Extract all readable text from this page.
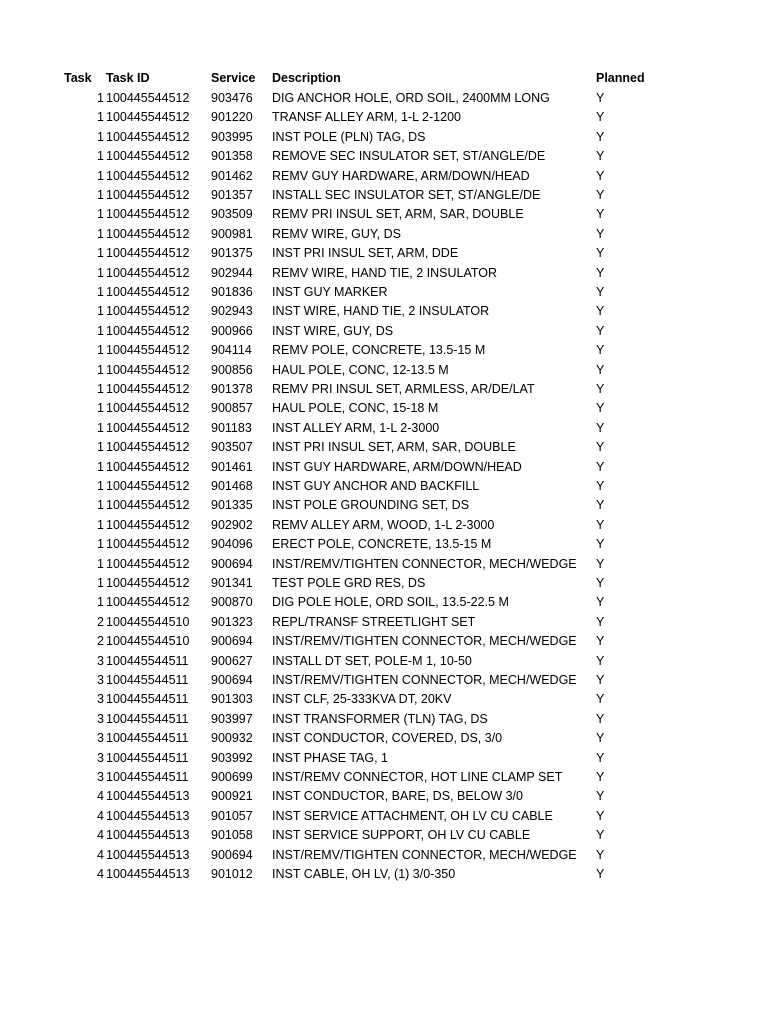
Task Task ID	Service Description	Planned
1 100445544512 903476 DIG ANCHOR HOLE, ORD SOIL, 2400MM LONG	Y
1 100445544512 901220 TRANSF ALLEY ARM, 1-L 2-1200	Y
1 100445544512 903995 INST POLE (PLN) TAG, DS	Y
1 100445544512 901358 REMOVE SEC INSULATOR SET, ST/ANGLE/DE	Y
1 100445544512 901462 REMV GUY HARDWARE, ARM/DOWN/HEAD	Y
1 100445544512 901357 INSTALL SEC INSULATOR SET, ST/ANGLE/DE	Y
1 100445544512 903509 REMV PRI INSUL SET, ARM, SAR, DOUBLE	Y
1 100445544512 900981 REMV WIRE, GUY, DS	Y
1 100445544512 901375 INST PRI INSUL SET, ARM, DDE	Y
1 100445544512 902944 REMV WIRE, HAND TIE, 2 INSULATOR	Y
1 100445544512 901836 INST GUY MARKER	Y
1 100445544512 902943 INST WIRE, HAND TIE, 2 INSULATOR	Y
1 100445544512 900966 INST WIRE, GUY, DS	Y
1 100445544512 904114 REMV POLE, CONCRETE, 13.5-15 M	Y
1 100445544512 900856 HAUL POLE, CONC, 12-13.5 M	Y
1 100445544512 901378 REMV PRI INSUL SET, ARMLESS, AR/DE/LAT	Y
1 100445544512 900857 HAUL POLE, CONC, 15-18 M	Y
1 100445544512 901183 INST ALLEY ARM, 1-L 2-3000	Y
1 100445544512 903507 INST PRI INSUL SET, ARM, SAR, DOUBLE	Y
1 100445544512 901461 INST GUY HARDWARE, ARM/DOWN/HEAD	Y
1 100445544512 901468 INST GUY ANCHOR AND BACKFILL	Y
1 100445544512 901335 INST POLE GROUNDING SET, DS	Y
1 100445544512 902902 REMV ALLEY ARM, WOOD, 1-L 2-3000	Y
1 100445544512 904096 ERECT POLE, CONCRETE, 13.5-15 M	Y
1 100445544512 900694 INST/REMV/TIGHTEN CONNECTOR, MECH/WEDGE Y
1 100445544512 901341 TEST POLE GRD RES, DS	Y
1 100445544512 900870 DIG POLE HOLE, ORD SOIL, 13.5-22.5 M	Y
2 100445544510 901323 REPL/TRANSF STREETLIGHT SET	Y
2 100445544510 900694 INST/REMV/TIGHTEN CONNECTOR, MECH/WEDGE Y
3 100445544511 900627 INSTALL DT SET, POLE-M 1, 10-50	Y
3 100445544511 900694 INST/REMV/TIGHTEN CONNECTOR, MECH/WEDGE Y
3 100445544511 901303 INST CLF, 25-333KVA DT, 20KV	Y
3 100445544511 903997 INST TRANSFORMER (TLN) TAG, DS	Y
3 100445544511 900932 INST CONDUCTOR, COVERED, DS, 3/0	Y
3 100445544511 903992 INST PHASE TAG, 1	Y
3 100445544511 900699 INST/REMV CONNECTOR, HOT LINE CLAMP SET	Y
4 100445544513 900921 INST CONDUCTOR, BARE, DS, BELOW 3/0	Y
4 100445544513 901057 INST SERVICE ATTACHMENT, OH LV CU CABLE	Y
4 100445544513 901058 INST SERVICE SUPPORT, OH LV CU CABLE	Y
4 100445544513 900694 INST/REMV/TIGHTEN CONNECTOR, MECH/WEDGE Y
4 100445544513 901012 INST CABLE, OH LV, (1) 3/0-350	Y
